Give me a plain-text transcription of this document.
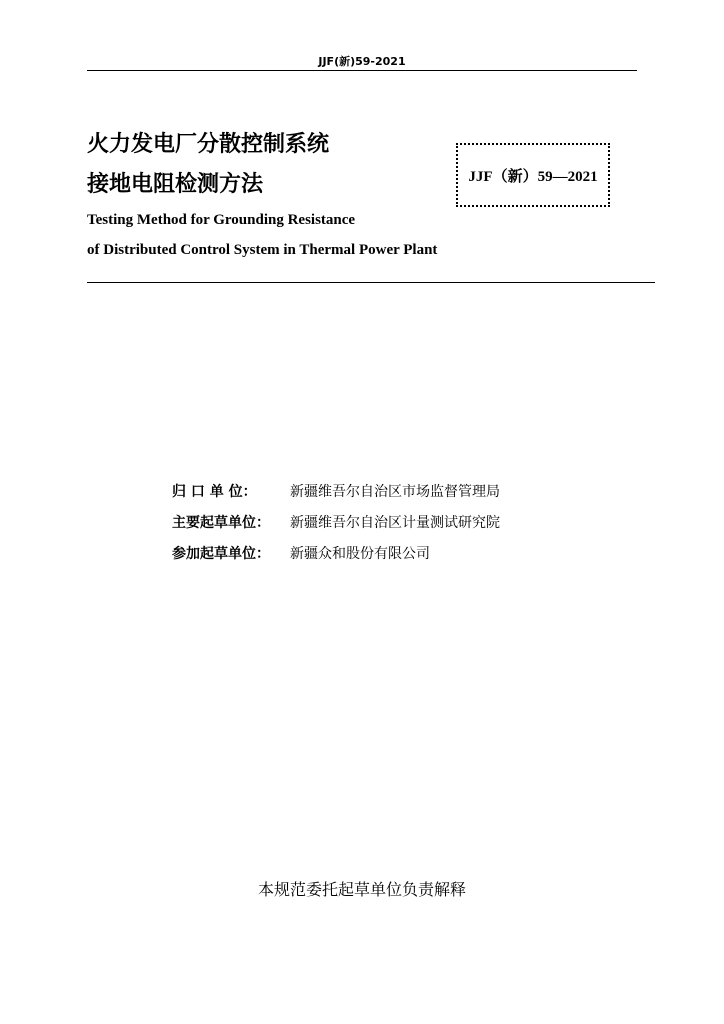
JJF(新)59-2021
火力发电厂分散控制系统
接地电阻检测方法	JJF（新）59—2021
Testing Method for Grounding Resistance
of Distributed Control System in Thermal Power Plant
归 口 单 位： 新疆维吾尔自治区市场监督管理局
主要起草单位： 新疆维吾尔自治区计量测试研究院
参加起草单位： 新疆众和股份有限公司
本规范委托起草单位负责解释
